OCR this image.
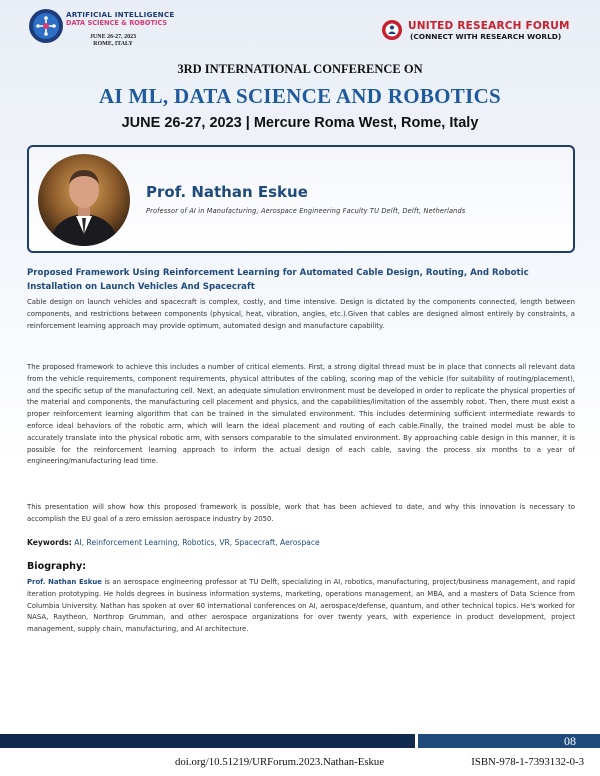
ARTIFICIAL INTELLIGENCE
DATA SCIENCE & ROBOTICS
JUNE 26-27, 2023
ROME, ITALY
UNITED RESEARCH FORUM
(CONNECT WITH RESEARCH WORLD)
3RD INTERNATIONAL CONFERENCE ON
AI ML, DATA SCIENCE AND ROBOTICS
JUNE 26-27, 2023 | Mercure Roma West, Rome, Italy
Prof. Nathan Eskue
Professor of AI in Manufacturing, Aerospace Engineering Faculty TU Delft, Delft, Netherlands
Proposed Framework Using Reinforcement Learning for Automated Cable Design, Routing, And Robotic Installation on Launch Vehicles And Spacecraft
Cable design on launch vehicles and spacecraft is complex, costly, and time intensive. Design is dictated by the components connected, length between components, and restrictions between components (physical, heat, vibration, angles, etc.).Given that cables are designed almost entirely by constraints, a reinforcement learning approach may provide optimum, automated design and manufacture capability.
The proposed framework to achieve this includes a number of critical elements. First, a strong digital thread must be in place that connects all relevant data from the vehicle requirements, component requirements, physical attributes of the cabling, scoring map of the vehicle (for suitability of routing/placement), and the specific setup of the manufacturing cell. Next, an adequate simulation environment must be developed in order to replicate the physical properties of the material and components, the manufacturing cell placement and physics, and the capabilities/limitation of the assembly robot. Then, there must exist a proper reinforcement learning algorithm that can be trained in the simulated environment. This includes determining sufficient intermediate rewards to enforce ideal behaviors of the robotic arm, which will learn the ideal placement and routing of each cable.Finally, the trained model must be able to accurately translate into the physical robotic arm, with sensors comparable to the simulated environment. By approaching cable design in this manner, it is possible for the reinforcement learning approach to inform the actual design of each cable, saving the process six months to a year of engineering/manufacturing lead time.
This presentation will show how this proposed framework is possible, work that has been achieved to date, and why this innovation is necessary to accomplish the EU goal of a zero emission aerospace industry by 2050.
Keywords: AI, Reinforcement Learning, Robotics, VR, Spacecraft, Aerospace
Biography:
Prof. Nathan Eskue is an aerospace engineering professor at TU Delft, specializing in AI, robotics, manufacturing, project/business management, and rapid iteration prototyping. He holds degrees in business information systems, marketing, operations management, an MBA, and a masters of Data Science from Columbia University. Nathan has spoken at over 60 international conferences on AI, aerospace/defense, quantum, and other technical topics. He's worked for NASA, Raytheon, Northrop Grumman, and other aerospace organizations for over twenty years, with experience in product development, project management, supply chain, manufacturing, and AI architecture.
08
doi.org/10.51219/URForum.2023.Nathan-Eskue	ISBN-978-1-7393132-0-3
